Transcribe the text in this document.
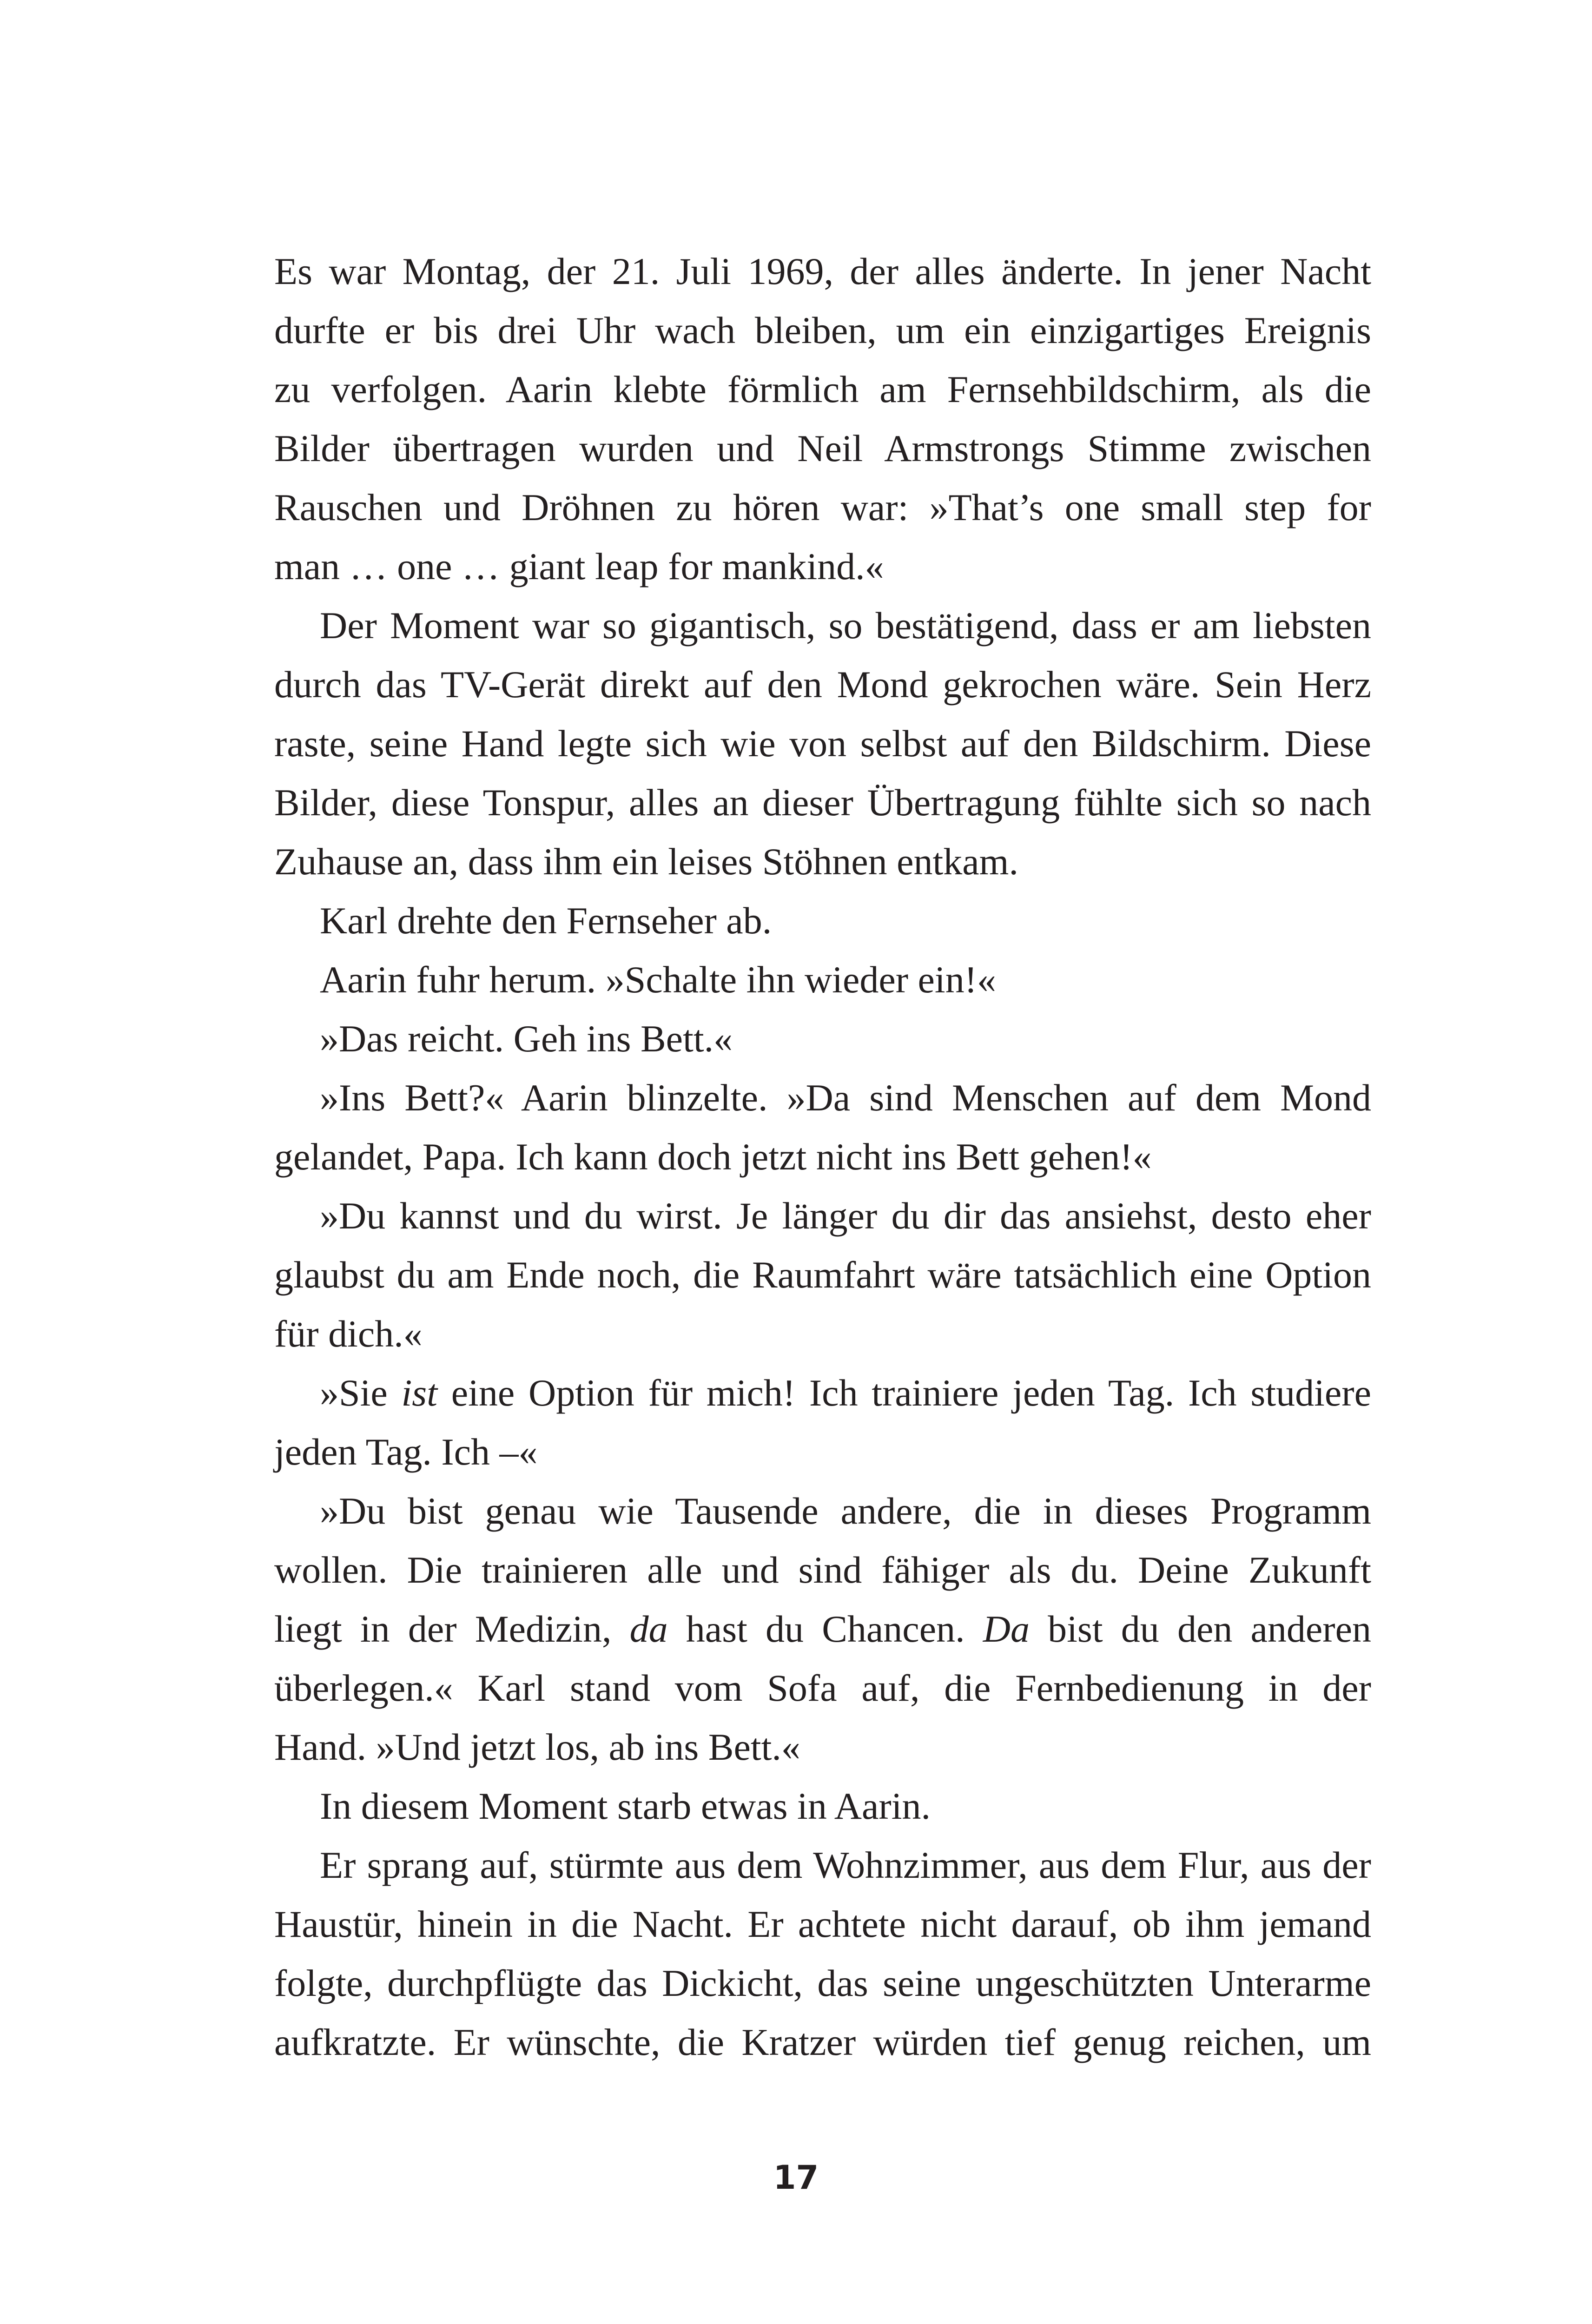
Es war Montag, der 21. Juli 1969, der alles änderte. In jener Nacht
durfte er bis drei Uhr wach bleiben, um ein einzigartiges Ereignis
zu verfolgen. Aarin klebte förmlich am Fernsehbildschirm, als die
Bilder übertragen wurden und Neil Armstrongs Stimme zwischen
Rauschen und Dröhnen zu hören war: »That’s one small step for
man … one … giant leap for mankind.«
Der Moment war so gigantisch, so bestätigend, dass er am liebsten
durch das TV-Gerät direkt auf den Mond gekrochen wäre. Sein Herz
raste, seine Hand legte sich wie von selbst auf den Bildschirm. Diese
Bilder, diese Tonspur, alles an dieser Übertragung fühlte sich so nach
Zuhause an, dass ihm ein leises Stöhnen entkam.
Karl drehte den Fernseher ab.
Aarin fuhr herum. »Schalte ihn wieder ein!«
»Das reicht. Geh ins Bett.«
»Ins Bett?« Aarin blinzelte. »Da sind Menschen auf dem Mond
gelandet, Papa. Ich kann doch jetzt nicht ins Bett gehen!«
»Du kannst und du wirst. Je länger du dir das ansiehst, desto eher
glaubst du am Ende noch, die Raumfahrt wäre tatsächlich eine Option
für dich.«
»Sie ist eine Option für mich! Ich trainiere jeden Tag. Ich studiere
jeden Tag. Ich –«
»Du bist genau wie Tausende andere, die in dieses Programm
wollen. Die trainieren alle und sind fähiger als du. Deine Zukunft
liegt in der Medizin, da hast du Chancen. Da bist du den anderen
überlegen.« Karl stand vom Sofa auf, die Fernbedienung in der
Hand. »Und jetzt los, ab ins Bett.«
In diesem Moment starb etwas in Aarin.
Er sprang auf, stürmte aus dem Wohnzimmer, aus dem Flur, aus der
Haustür, hinein in die Nacht. Er achtete nicht darauf, ob ihm jemand
folgte, durchpflügte das Dickicht, das seine ungeschützten Unterarme
aufkratzte. Er wünschte, die Kratzer würden tief genug reichen, um
17
